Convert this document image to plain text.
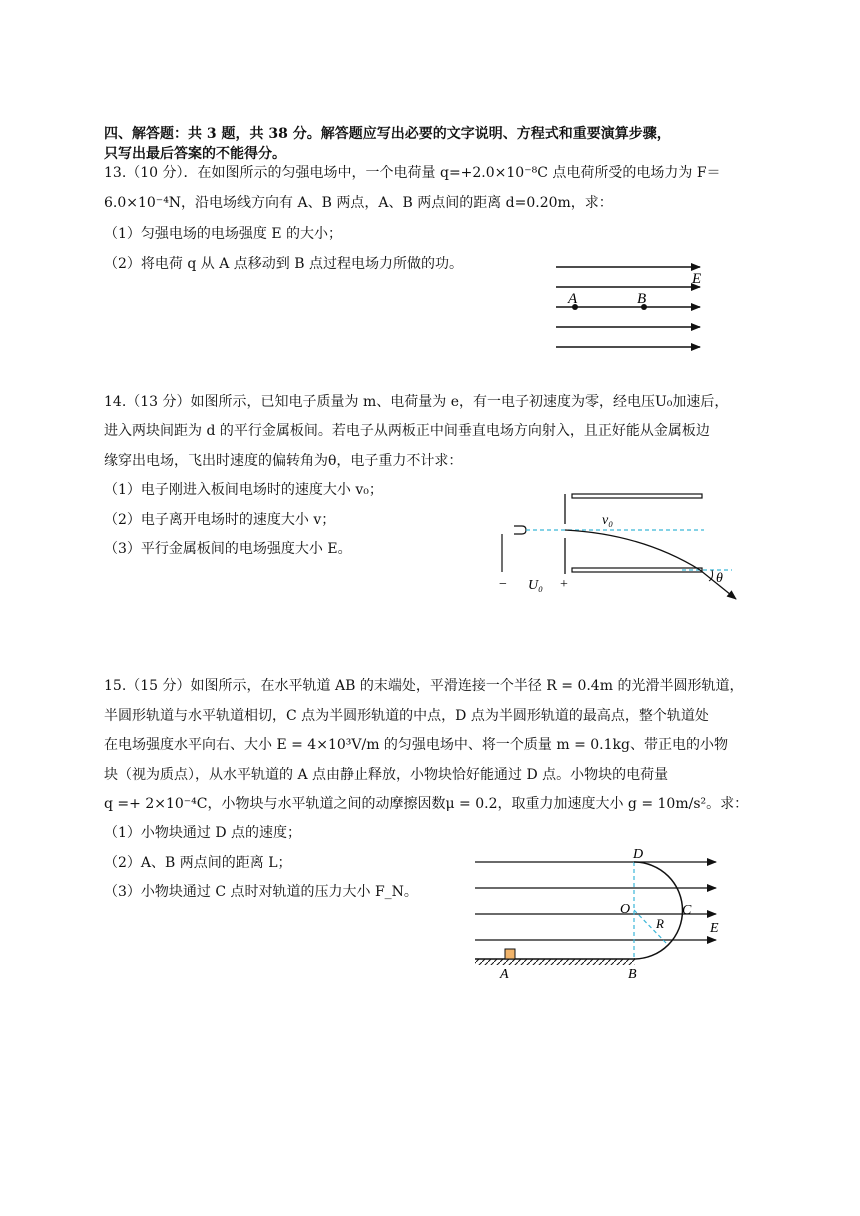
四、解答题：共 3 题，共 38 分。解答题应写出必要的文字说明、方程式和重要演算步骤，
只写出最后答案的不能得分。
13.（10 分）．在如图所示的匀强电场中，一个电荷量 q=+2.0×10⁻⁸C 点电荷所受的电场力为 F＝
6.0×10⁻⁴N，沿电场线方向有 A、B 两点，A、B 两点间的距离 d=0.20m，求：
（1）匀强电场的电场强度 E 的大小；
（2）将电荷 q 从 A 点移动到 B 点过程电场力所做的功。
A	B
E
14.（13 分）如图所示，已知电子质量为 m、电荷量为 e，有一电子初速度为零，经电压U₀加速后，
进入两块间距为 d 的平行金属板间。若电子从两板正中间垂直电场方向射入，且正好能从金属板边
缘穿出电场，飞出时速度的偏转角为θ，电子重力不计求：
（1）电子刚进入板间电场时的速度大小 v₀；
（2）电子离开电场时的速度大小 v；
（3）平行金属板间的电场强度大小 E。
v₀
θ
− U₀ +
15.（15 分）如图所示，在水平轨道 AB 的末端处，平滑连接一个半径 R = 0.4m 的光滑半圆形轨道，
半圆形轨道与水平轨道相切，C 点为半圆形轨道的中点，D 点为半圆形轨道的最高点，整个轨道处
在电场强度水平向右、大小 E = 4×10³V/m 的匀强电场中、将一个质量 m = 0.1kg、带正电的小物
块（视为质点），从水平轨道的 A 点由静止释放，小物块恰好能通过 D 点。小物块的电荷量
q =+ 2×10⁻⁴C，小物块与水平轨道之间的动摩擦因数μ = 0.2，取重力加速度大小 g = 10m/s²。求：
（1）小物块通过 D 点的速度；
（2）A、B 两点间的距离 L；
（3）小物块通过 C 点时对轨道的压力大小 F_N。
D
O	C
R	E
A	B
